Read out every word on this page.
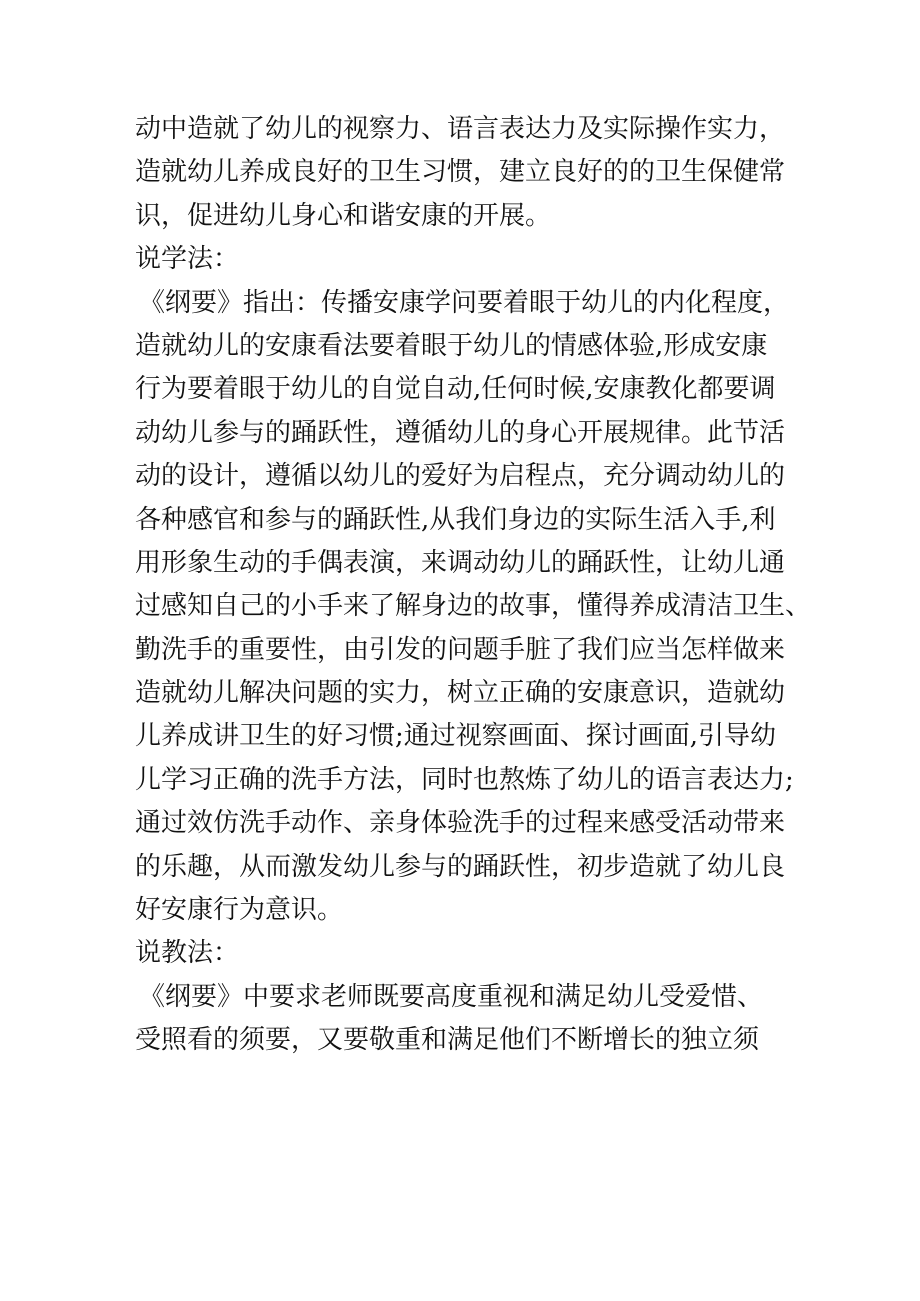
动中造就了幼儿的视察力、语言表达力及实际操作实力，
造就幼儿养成良好的卫生习惯，建立良好的的卫生保健常
识，促进幼儿身心和谐安康的开展。
说学法：
《纲要》指出：传播安康学问要着眼于幼儿的内化程度，
造就幼儿的安康看法要着眼于幼儿的情感体验,形成安康
行为要着眼于幼儿的自觉自动,任何时候,安康教化都要调
动幼儿参与的踊跃性，遵循幼儿的身心开展规律。此节活
动的设计，遵循以幼儿的爱好为启程点，充分调动幼儿的
各种感官和参与的踊跃性,从我们身边的实际生活入手,利
用形象生动的手偶表演，来调动幼儿的踊跃性，让幼儿通
过感知自己的小手来了解身边的故事，懂得养成清洁卫生、
勤洗手的重要性，由引发的问题手脏了我们应当怎样做来
造就幼儿解决问题的实力，树立正确的安康意识，造就幼
儿养成讲卫生的好习惯;通过视察画面、探讨画面,引导幼
儿学习正确的洗手方法，同时也熬炼了幼儿的语言表达力;
通过效仿洗手动作、亲身体验洗手的过程来感受活动带来
的乐趣，从而激发幼儿参与的踊跃性，初步造就了幼儿良
好安康行为意识。
说教法：
《纲要》中要求老师既要高度重视和满足幼儿受爱惜、
受照看的须要，又要敬重和满足他们不断增长的独立须
